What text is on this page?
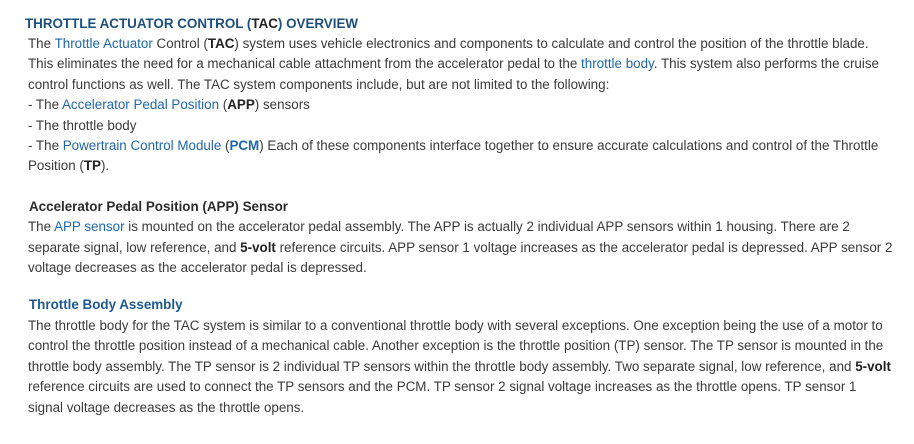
THROTTLE ACTUATOR CONTROL (TAC) OVERVIEW

The Throttle Actuator Control (TAC) system uses vehicle electronics and components to calculate and control the position of the throttle blade. This eliminates the need for a mechanical cable attachment from the accelerator pedal to the throttle body. This system also performs the cruise control functions as well. The TAC system components include, but are not limited to the following:

- The Accelerator Pedal Position (APP) sensors
- The throttle body
- The Powertrain Control Module (PCM) Each of these components interface together to ensure accurate calculations and control of the Throttle Position (TP).
Accelerator Pedal Position (APP) Sensor

The APP sensor is mounted on the accelerator pedal assembly. The APP is actually 2 individual APP sensors within 1 housing. There are 2 separate signal, low reference, and 5-volt reference circuits. APP sensor 1 voltage increases as the accelerator pedal is depressed. APP sensor 2 voltage decreases as the accelerator pedal is depressed.

Throttle Body Assembly

The throttle body for the TAC system is similar to a conventional throttle body with several exceptions. One exception being the use of a motor to control the throttle position instead of a mechanical cable. Another exception is the throttle position (TP) sensor. The TP sensor is mounted in the throttle body assembly. The TP sensor is 2 individual TP sensors within the throttle body assembly. Two separate signal, low reference, and 5-volt reference circuits are used to connect the TP sensors and the PCM. TP sensor 2 signal voltage increases as the throttle opens. TP sensor 1 signal voltage decreases as the throttle opens.
